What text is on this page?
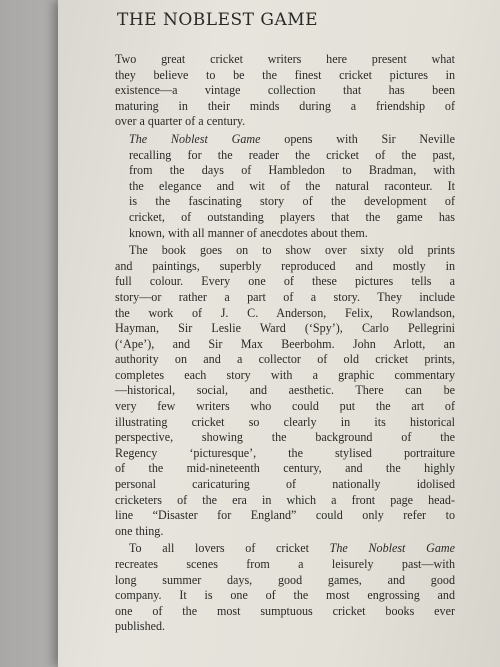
THE NOBLEST GAME

Two great cricket writers here present what
they believe to be the finest cricket pictures in
existence—a vintage collection that has been
maturing in their minds during a friendship of
over a quarter of a century.

The Noblest Game opens with Sir Neville
recalling for the reader the cricket of the past,
from the days of Hambledon to Bradman, with
the elegance and wit of the natural raconteur. It
is the fascinating story of the development of
cricket, of outstanding players that the game has
known, with all manner of anecdotes about them.

The book goes on to show over sixty old prints
and paintings, superbly reproduced and mostly in
full colour. Every one of these pictures tells a
story—or rather a part of a story. They include
the work of J. C. Anderson, Felix, Rowlandson,
Hayman, Sir Leslie Ward (‘Spy’), Carlo Pellegrini
(‘Ape’), and Sir Max Beerbohm. John Arlott, an
authority on and a collector of old cricket prints,
completes each story with a graphic commentary
—historical, social, and aesthetic. There can be
very few writers who could put the art of
illustrating cricket so clearly in its historical
perspective, showing the background of the
Regency ‘picturesque’, the stylised portraiture
of the mid-nineteenth century, and the highly
personal caricaturing of nationally idolised
cricketers of the era in which a front page head-
line “Disaster for England” could only refer to
one thing.

To all lovers of cricket The Noblest Game
recreates scenes from a leisurely past—with
long summer days, good games, and good
company. It is one of the most engrossing and
one of the most sumptuous cricket books ever
published.
